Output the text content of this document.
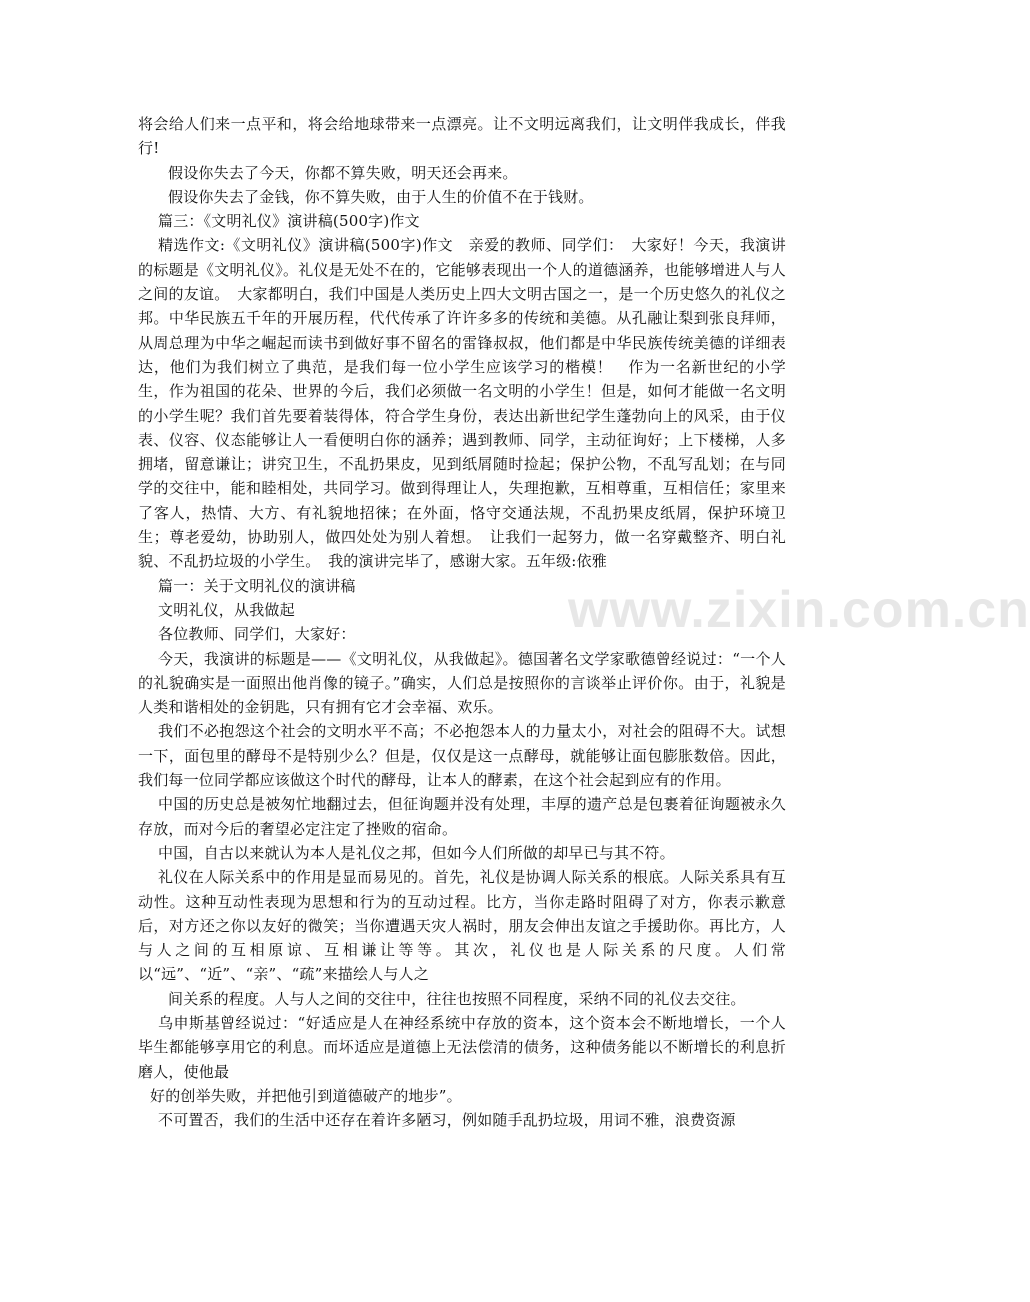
www.zixin.com.cn

将会给人们来一点平和，将会给地球带来一点漂亮。让不文明远离我们，让文明伴我成长，伴我行!

假设你失去了今天，你都不算失败，明天还会再来。

假设你失去了金钱，你不算失败，由于人生的价值不在于钱财。

篇三：《文明礼仪》演讲稿(500字)作文

精选作文:《文明礼仪》演讲稿(500字)作文　亲爱的教师、同学们：　大家好！今天，我演讲的标题是《文明礼仪》。礼仪是无处不在的，它能够表现出一个人的道德涵养，也能够增进人与人之间的友谊。　大家都明白，我们中国是人类历史上四大文明古国之一，是一个历史悠久的礼仪之邦。中华民族五千年的开展历程，代代传承了许许多多的传统和美德。从孔融让梨到张良拜师，从周总理为中华之崛起而读书到做好事不留名的雷锋叔叔，他们都是中华民族传统美德的详细表达，他们为我们树立了典范，是我们每一位小学生应该学习的楷模！　作为一名新世纪的小学生，作为祖国的花朵、世界的今后，我们必须做一名文明的小学生！但是，如何才能做一名文明的小学生呢？我们首先要着装得体，符合学生身份，表达出新世纪学生蓬勃向上的风采，由于仪表、仪容、仪态能够让人一看便明白你的涵养；遇到教师、同学，主动征询好；上下楼梯，人多拥堵，留意谦让；讲究卫生，不乱扔果皮，见到纸屑随时捡起；保护公物，不乱写乱划；在与同学的交往中，能和睦相处，共同学习。做到得理让人，失理抱歉，互相尊重，互相信任；家里来了客人，热情、大方、有礼貌地招徕；在外面，恪守交通法规，不乱扔果皮纸屑，保护环境卫生；尊老爱幼，协助别人，做四处处为别人着想。　让我们一起努力，做一名穿戴整齐、明白礼貌、不乱扔垃圾的小学生。　我的演讲完毕了，感谢大家。五年级:依雅

篇一：关于文明礼仪的演讲稿

文明礼仪，从我做起

各位教师、同学们，大家好：

今天，我演讲的标题是——《文明礼仪，从我做起》。德国著名文学家歌德曾经说过：“一个人的礼貌确实是一面照出他肖像的镜子。”确实，人们总是按照你的言谈举止评价你。由于，礼貌是人类和谐相处的金钥匙，只有拥有它才会幸福、欢乐。

我们不必抱怨这个社会的文明水平不高；不必抱怨本人的力量太小，对社会的阻碍不大。试想一下，面包里的酵母不是特别少么？但是，仅仅是这一点酵母，就能够让面包膨胀数倍。因此，我们每一位同学都应该做这个时代的酵母，让本人的酵素，在这个社会起到应有的作用。

中国的历史总是被匆忙地翻过去，但征询题并没有处理，丰厚的遗产总是包裹着征询题被永久存放，而对今后的奢望必定注定了挫败的宿命。

中国，自古以来就认为本人是礼仪之邦，但如今人们所做的却早已与其不符。

礼仪在人际关系中的作用是显而易见的。首先，礼仪是协调人际关系的根底。人际关系具有互动性。这种互动性表现为思想和行为的互动过程。比方，当你走路时阻碍了对方，你表示歉意后，对方还之你以友好的微笑；当你遭遇天灾人祸时，朋友会伸出友谊之手援助你。再比方，人与人之间的互相原谅、互相谦让等等。其次，礼仪也是人际关系的尺度。人们常以“远”、“近”、“亲”、“疏”来描绘人与人之

间关系的程度。人与人之间的交往中，往往也按照不同程度，采纳不同的礼仪去交往。

乌申斯基曾经说过：“好适应是人在神经系统中存放的资本，这个资本会不断地增长，一个人毕生都能够享用它的利息。而坏适应是道德上无法偿清的债务，这种债务能以不断增长的利息折磨人，使他最

好的创举失败，并把他引到道德破产的地步”。

不可置否，我们的生活中还存在着许多陋习，例如随手乱扔垃圾，用词不雅，浪费资源
